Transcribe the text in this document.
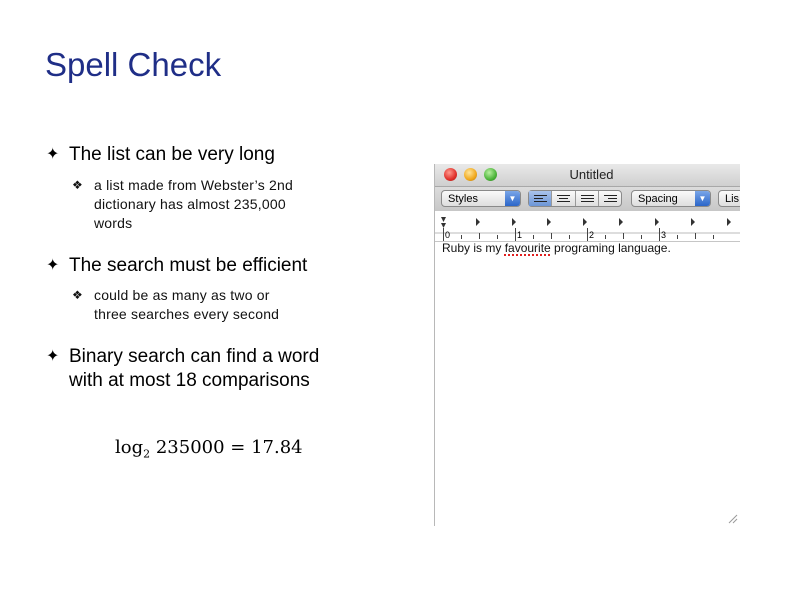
Spell Check
✦ The list can be very long
❖ a list made from Webster’s 2nd
dictionary has almost 235,000
words
✦ The search must be efficient
❖ could be as many as two or
three searches every second
✦ Binary search can find a word
with at most 18 comparisons
$\log_2 235000 = 17.84$
Untitled
Styles	▼	Spacing	▼	Lis
0	1	2	3
Ruby is my favourite programing language.
